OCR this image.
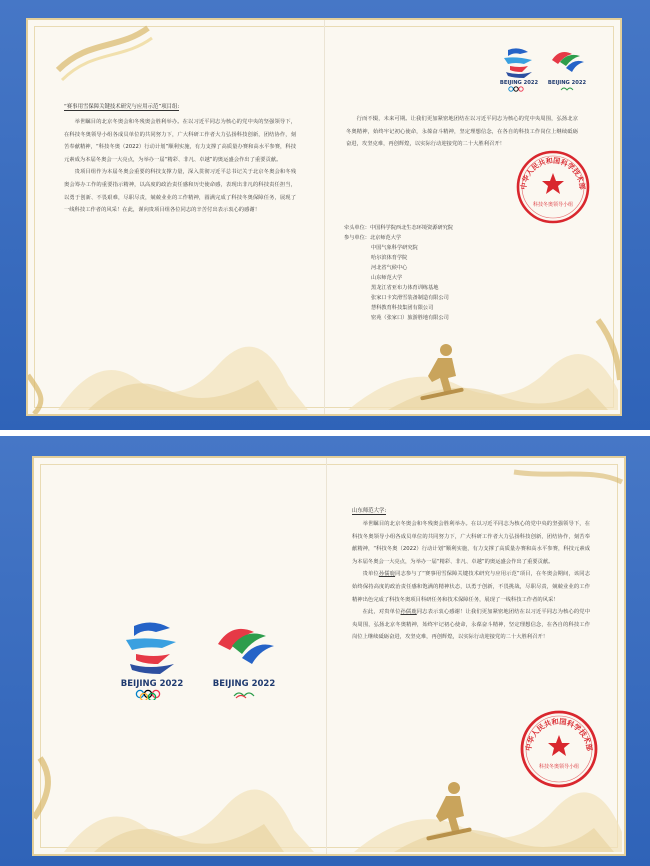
BEIJING 2022 BEIJING 2022
“赛事用雪保障关键技术研究与应用示范”项目组:

举世瞩目的北京冬奥会和冬残奥会胜利举办。在以习近平同志为核心的党中央的坚强领导下，在科技冬奥领导小组各成员单位的共同努力下，广大科研工作者大力弘扬科技创新，团结协作，刻苦奉献精神，“科技冬奥（2022）行动计划”顺利实施，有力支撑了高质量办赛和高水平参赛，科技元素成为本届冬奥会一大亮点，为举办一届“精彩、非凡、卓越”的奥运盛会作出了重要贡献。

贵项目组作为本届冬奥会重要的科技支撑力量，深入贯彻习近平总书记关于北京冬奥会和冬残奥会筹办工作的重要指示精神，以高度的政治责任感和历史使命感，表现出非凡的科技责任担当，以勇于创新、不畏艰难，尽职尽责，兢兢业业的工作精神，圆满完成了科技冬奥保障任务，展现了一线科技工作者的风采！在此，谨向贵项目组各位同志的辛苦付出表示衷心的感谢！

行而不辍，未来可期。让我们更加紧密地团结在以习近平同志为核心的党中央周围，弘扬北京冬奥精神，始终牢记初心使命，永葆奋斗精神，坚定理想信念，在各自的科技工作岗位上继续砥砺奋进，攻坚克难，再创辉煌，以实际行动迎接党的二十大胜利召开！

牵头单位：中国科学院西北生态环境资源研究院
参与单位：北京师范大学
中国气象科学研究院
哈尔滨体育学院
河北省气候中心
山东师范大学
黑龙江省亚布力体育训练基地
张家口卡宾滑雪装备制造有限公司
慧科教育科技集团有限公司
密苑（张家口）旅游胜地有限公司
中华人民共和国科学技术部
科技冬奥领导小组
BEIJING 2022	BEIJING 2022
山东师范大学:

举世瞩目的北京冬奥会和冬残奥会胜利举办。在以习近平同志为核心的党中央的坚强领导下，在科技冬奥领导小组各成员单位的共同努力下，广大科研工作者大力弘扬科技创新，团结协作，刻苦奉献精神，“科技冬奥（2022）行动计划”顺利实施，有力支撑了高质量办赛和高水平参赛，科技元素成为本届冬奥会一大亮点，为举办一届“精彩、非凡、卓越”的奥运盛会作出了重要贡献。

贵单位孙儒鹿同志参与了“赛事用雪保障关键技术研究与应用示范”项目，在冬奥会期间，该同志始终保持高度的政治责任感和饱满的精神状态，以勇于创新，不畏挑战，尽职尽责，兢兢业业的工作精神出色完成了科技冬奥项目科研任务和技术保障任务，展现了一线科技工作者的风采！

在此，对贵单位孙儒鹿同志表示衷心感谢！让我们更加紧密地团结在以习近平同志为核心的党中央周围，弘扬北京冬奥精神，始终牢记初心使命，永葆奋斗精神，坚定理想信念，在各自的科技工作岗位上继续砥砺奋进，攻坚克难，再创辉煌，以实际行动迎接党的二十大胜利召开！

中华人民共和国科学技术部
科技冬奥领导小组
